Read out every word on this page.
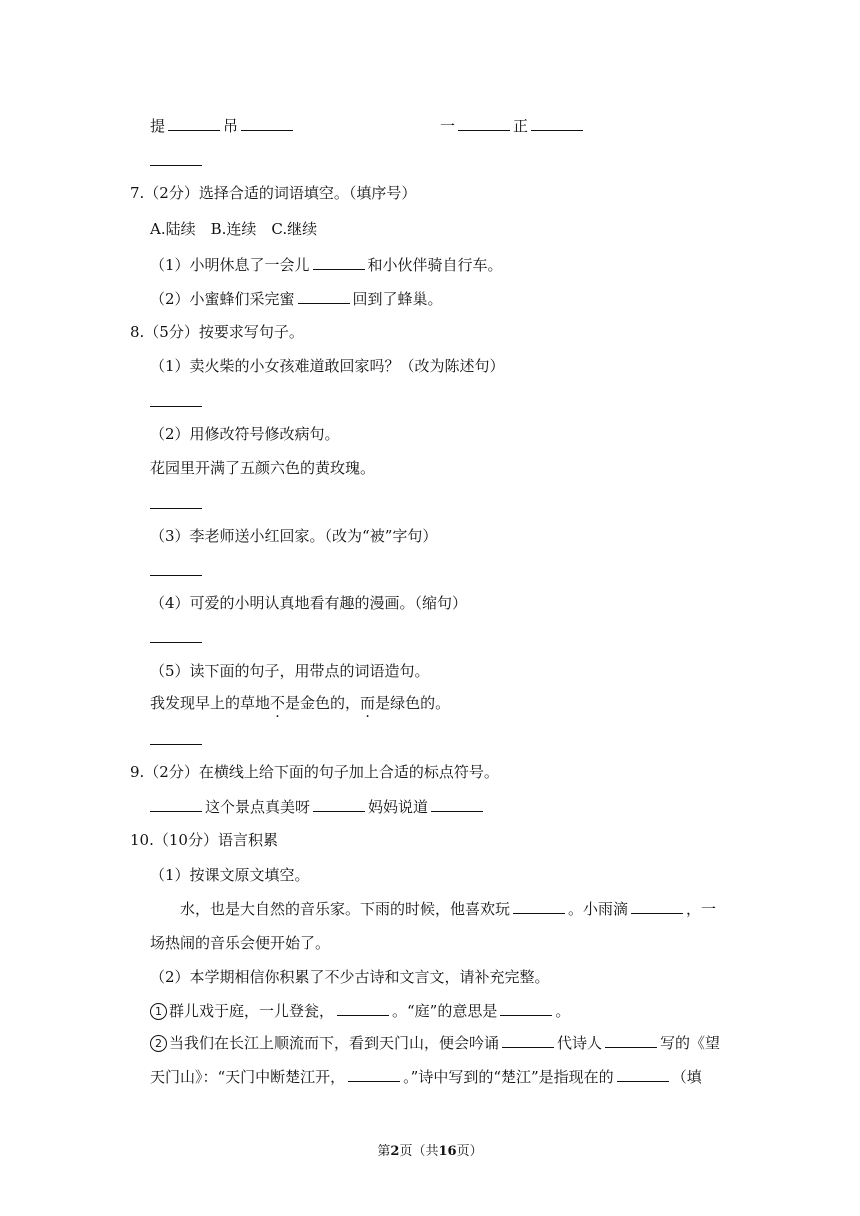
提	吊	一	正
7.（2分）选择合适的词语填空。（填序号）
A.陆续　B.连续　C.继续
（1）小明休息了一会儿	和小伙伴骑自行车。
（2）小蜜蜂们采完蜜	回到了蜂巢。
8.（5分）按要求写句子。
（1）卖火柴的小女孩难道敢回家吗？（改为陈述句）
（2）用修改符号修改病句。
花园里开满了五颜六色的黄玫瑰。
（3）李老师送小红回家。（改为“被”字句）
（4）可爱的小明认真地看有趣的漫画。（缩句）
（5）读下面的句子，用带点的词语造句。
我发现早上的草地不是金色的，而是绿色的。
9.（2分）在横线上给下面的句子加上合适的标点符号。
这个景点真美呀	妈妈说道
10.（10分）语言积累
（1）按课文原文填空。
水，也是大自然的音乐家。下雨的时候，他喜欢玩	。小雨滴	，一
场热闹的音乐会便开始了。
（2）本学期相信你积累了不少古诗和文言文，请补充完整。
1 群儿戏于庭，一儿登瓮，	。“庭”的意思是	。
2 当我们在长江上顺流而下，看到天门山，便会吟诵	代诗人	写的《望
天门山》：“天门中断楚江开，	。”诗中写到的“楚江”是指现在的	（填
第2页（共16页）
